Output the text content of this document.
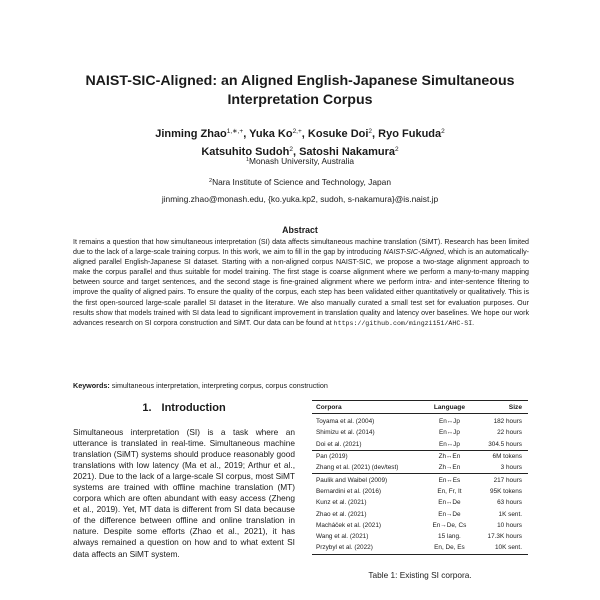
NAIST-SIC-Aligned: an Aligned English-Japanese Simultaneous
Interpretation Corpus
Jinming Zhao$^{1,∗,+}$, Yuka $Ko^{2,+}$, Kosuke Doi$^2$, Ryo Fukuda$^2$
Katsuhito Sudoh$^2$, Satoshi Nakamura$^2$
$^1$Monash University, Australia
$^2$Nara Institute of Science and Technology, Japan
jinming.zhao@monash.edu, {ko.yuka.kp2, sudoh, s-nakamura}@is.naist.jp
Abstract
It remains a question that how simultaneous interpretation (SI) data affects simultaneous machine translation (SiMT). Research has been limited due to the lack of a large-scale training corpus. In this work, we aim to fill in the gap by introducing NAIST-SIC-Aligned, which is an automatically-aligned parallel English-Japanese SI dataset. Starting with a non-aligned corpus NAIST-SIC, we propose a two-stage alignment approach to make the corpus parallel and thus suitable for model training. The first stage is coarse alignment where we perform a many-to-many mapping between source and target sentences, and the second stage is fine-grained alignment where we perform intra- and inter-sentence filtering to improve the quality of aligned pairs. To ensure the quality of the corpus, each step has been validated either quantitatively or qualitatively. This is the first open-sourced large-scale parallel SI dataset in the literature. We also manually curated a small test set for evaluation purposes. Our results show that models trained with SI data lead to significant improvement in translation quality and latency over baselines. We hope our work advances research on SI corpora construction and SiMT. Our data can be found at https://github.com/mingzi151/AHC-SI.
Keywords: simultaneous interpretation, interpreting corpus, corpus construction
1. Introduction
Simultaneous interpretation (SI) is a task where an utterance is translated in real-time. Simultaneous machine translation (SiMT) systems should produce reasonably good translations with low latency (Ma et al., 2019; Arthur et al., 2021). Due to the lack of a large-scale SI corpus, most SiMT systems are trained with offline machine translation (MT) corpora which are often abundant with easy access (Zheng et al., 2019). Yet, MT data is different from SI data because of the difference between offline and online translation in nature. Despite some efforts (Zhao et al., 2021), it has always remained a question on how and to what extent SI data affects an SiMT system.
Corpora	Language	Size
Toyama et al. (2004)	En↔Jp	182 hours
Shimizu et al. (2014)	En↔Jp	22 hours
Doi et al. (2021)	En↔Jp	304.5 hours
Pan (2019)	Zh↔En	6M tokens
Zhang et al. (2021) (dev/test)	Zh→En	3 hours
Paulik and Waibel (2009)	En↔Es	217 hours
Bernardini et al. (2016)	En, Fr, It	95K tokens
Kunz et al. (2021)	En↔De	63 hours
Zhao et al. (2021)	En→De	1K sent.
Macháček et al. (2021)	En→De, Cs	10 hours
Wang et al. (2021)	15 lang.	17.3K hours
Przybyl et al. (2022)	En, De, Es	10K sent.
Table 1: Existing SI corpora.
